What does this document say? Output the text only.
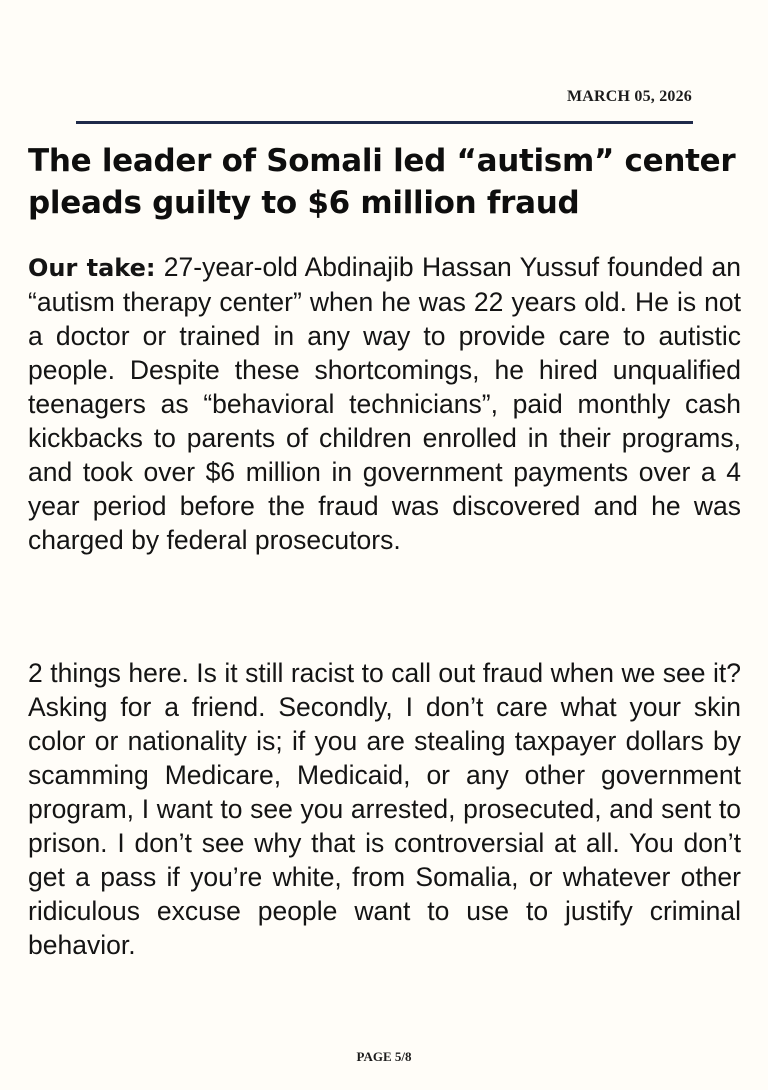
MARCH 05, 2026
The leader of Somali led “autism” center pleads guilty to $6 million fraud

Our take: 27-year-old Abdinajib Hassan Yussuf founded an “autism therapy center” when he was 22 years old. He is not a doctor or trained in any way to provide care to autistic people. Despite these shortcomings, he hired unqualified teenagers as “behavioral technicians”, paid monthly cash kickbacks to parents of children enrolled in their programs, and took over $6 million in government payments over a 4 year period before the fraud was discovered and he was charged by federal prosecutors.

2 things here. Is it still racist to call out fraud when we see it? Asking for a friend. Secondly, I don’t care what your skin color or nationality is; if you are stealing taxpayer dollars by scamming Medicare, Medicaid, or any other government program, I want to see you arrested, prosecuted, and sent to prison. I don’t see why that is controversial at all. You don’t get a pass if you’re white, from Somalia, or whatever other ridiculous excuse people want to use to justify criminal behavior.

PAGE 5/8
